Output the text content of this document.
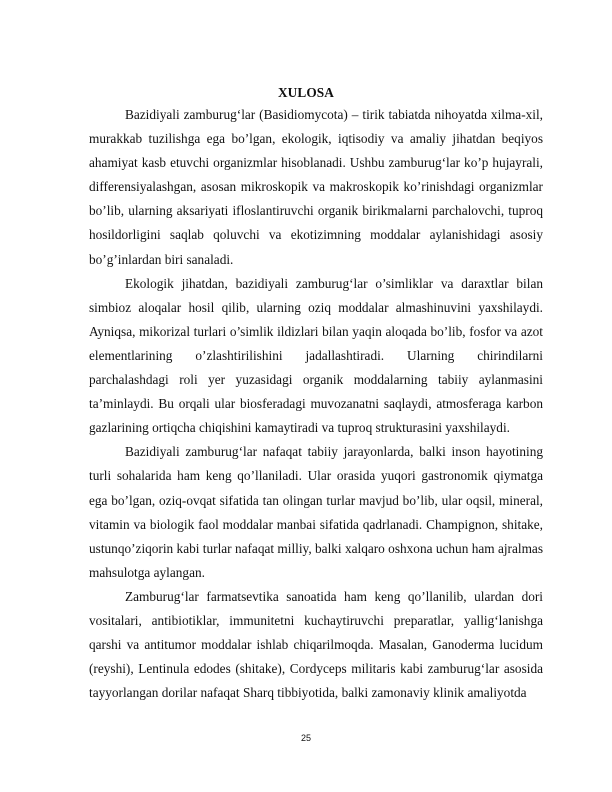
XULOSA

Bazidiyali zamburug‘lar (Basidiomycota) – tirik tabiatda nihoyatda xilma-xil, murakkab tuzilishga ega bo’lgan, ekologik, iqtisodiy va amaliy jihatdan beqiyos ahamiyat kasb etuvchi organizmlar hisoblanadi. Ushbu zamburug‘lar ko’p hujayrali, differensiyalashgan, asosan mikroskopik va makroskopik ko’rinishdagi organizmlar bo’lib, ularning aksariyati ifloslantiruvchi organik birikmalarni parchalovchi, tuproq hosildorligini saqlab qoluvchi va ekotizimning moddalar aylanishidagi asosiy bo’g’inlardan biri sanaladi.

Ekologik jihatdan, bazidiyali zamburug‘lar o’simliklar va daraxtlar bilan simbioz aloqalar hosil qilib, ularning oziq moddalar almashinuvini yaxshilaydi. Ayniqsa, mikorizal turlari o’simlik ildizlari bilan yaqin aloqada bo’lib, fosfor va azot elementlarining o’zlashtirilishini jadallashtiradi. Ularning chirindilarni parchalashdagi roli yer yuzasidagi organik moddalarning tabiiy aylanmasini ta’minlaydi. Bu orqali ular biosferadagi muvozanatni saqlaydi, atmosferaga karbon gazlarining ortiqcha chiqishini kamaytiradi va tuproq strukturasini yaxshilaydi.

Bazidiyali zamburug‘lar nafaqat tabiiy jarayonlarda, balki inson hayotining turli sohalarida ham keng qo’llaniladi. Ular orasida yuqori gastronomik qiymatga ega bo’lgan, oziq-ovqat sifatida tan olingan turlar mavjud bo’lib, ular oqsil, mineral, vitamin va biologik faol moddalar manbai sifatida qadrlanadi. Champignon, shitake, ustunqo’ziqorin kabi turlar nafaqat milliy, balki xalqaro oshxona uchun ham ajralmas mahsulotga aylangan.

Zamburug‘lar farmatsevtika sanoatida ham keng qo’llanilib, ulardan dori vositalari, antibiotiklar, immunitetni kuchaytiruvchi preparatlar, yallig‘lanishga qarshi va antitumor moddalar ishlab chiqarilmoqda. Masalan, Ganoderma lucidum (reyshi), Lentinula edodes (shitake), Cordyceps militaris kabi zamburug‘lar asosida tayyorlangan dorilar nafaqat Sharq tibbiyotida, balki zamonaviy klinik amaliyotda

25
